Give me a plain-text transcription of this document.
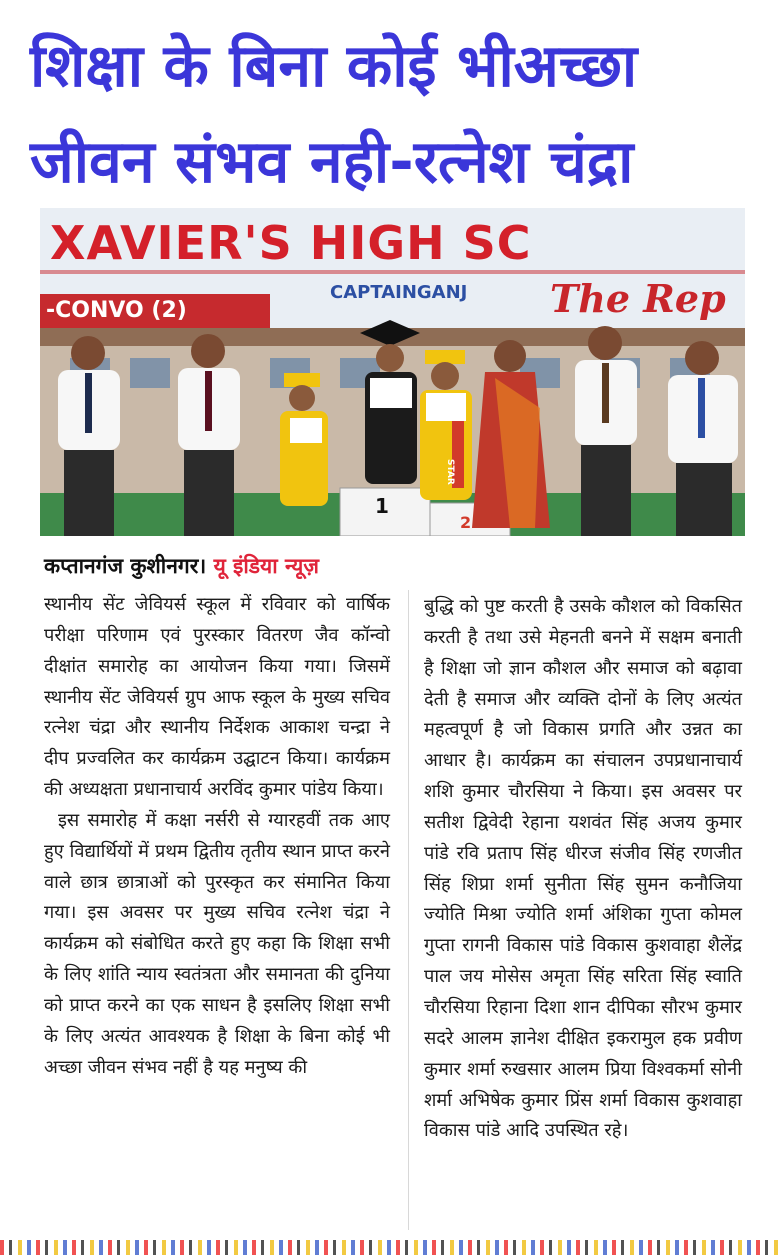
शिक्षा के बिना कोई भीअच्छा
जीवन संभव नही-रत्नेश चंद्रा
1
2
STAR
XAVIER'S HIGH SC
CAPTAINGANJ
-CONVO (2)	The Rep
कप्तानगंज कुशीनगर। यू इंडिया न्यूज़

स्थानीय सेंट जेवियर्स स्कूल में रविवार को वार्षिक परीक्षा परिणाम एवं पुरस्कार वितरण जैव कॉन्वो दीक्षांत समारोह का आयोजन किया गया। जिसमें स्थानीय सेंट जेवियर्स ग्रुप आफ स्कूल के मुख्य सचिव रत्नेश चंद्रा और स्थानीय निर्देशक आकाश चन्द्रा ने दीप प्रज्वलित कर कार्यक्रम उद्घाटन किया। कार्यक्रम की अध्यक्षता प्रधानाचार्य अरविंद कुमार पांडेय किया।

इस समारोह में कक्षा नर्सरी से ग्यारहवीं तक आए हुए विद्यार्थियों में प्रथम द्वितीय तृतीय स्थान प्राप्त करने वाले छात्र छात्राओं को पुरस्कृत कर संमानित किया गया। इस अवसर पर मुख्य सचिव रत्नेश चंद्रा ने कार्यक्रम को संबोधित करते हुए कहा कि शिक्षा सभी के लिए शांति न्याय स्वतंत्रता और समानता की दुनिया को प्राप्त करने का एक साधन है इसलिए शिक्षा सभी के लिए अत्यंत आवश्यक है शिक्षा के बिना कोई भी अच्छा जीवन संभव नहीं है यह मनुष्य की

बुद्धि को पुष्ट करती है उसके कौशल को विकसित करती है तथा उसे मेहनती बनने में सक्षम बनाती है शिक्षा जो ज्ञान कौशल और समाज को बढ़ावा देती है समाज और व्यक्ति दोनों के लिए अत्यंत महत्वपूर्ण है जो विकास प्रगति और उन्नत का आधार है। कार्यक्रम का संचालन उपप्रधानाचार्य शशि कुमार चौरसिया ने किया। इस अवसर पर सतीश द्विवेदी रेहाना यशवंत सिंह अजय कुमार पांडे रवि प्रताप सिंह धीरज संजीव सिंह रणजीत सिंह शिप्रा शर्मा सुनीता सिंह सुमन कनौजिया ज्योति मिश्रा ज्योति शर्मा अंशिका गुप्ता कोमल गुप्ता रागनी विकास पांडे विकास कुशवाहा शैलेंद्र पाल जय मोसेस अमृता सिंह सरिता सिंह स्वाति चौरसिया रिहाना दिशा शान दीपिका सौरभ कुमार सदरे आलम ज्ञानेश दीक्षित इकरामुल हक प्रवीण कुमार शर्मा रुखसार आलम प्रिया विश्वकर्मा सोनी शर्मा अभिषेक कुमार प्रिंस शर्मा विकास कुशवाहा विकास पांडे आदि उपस्थित रहे।
